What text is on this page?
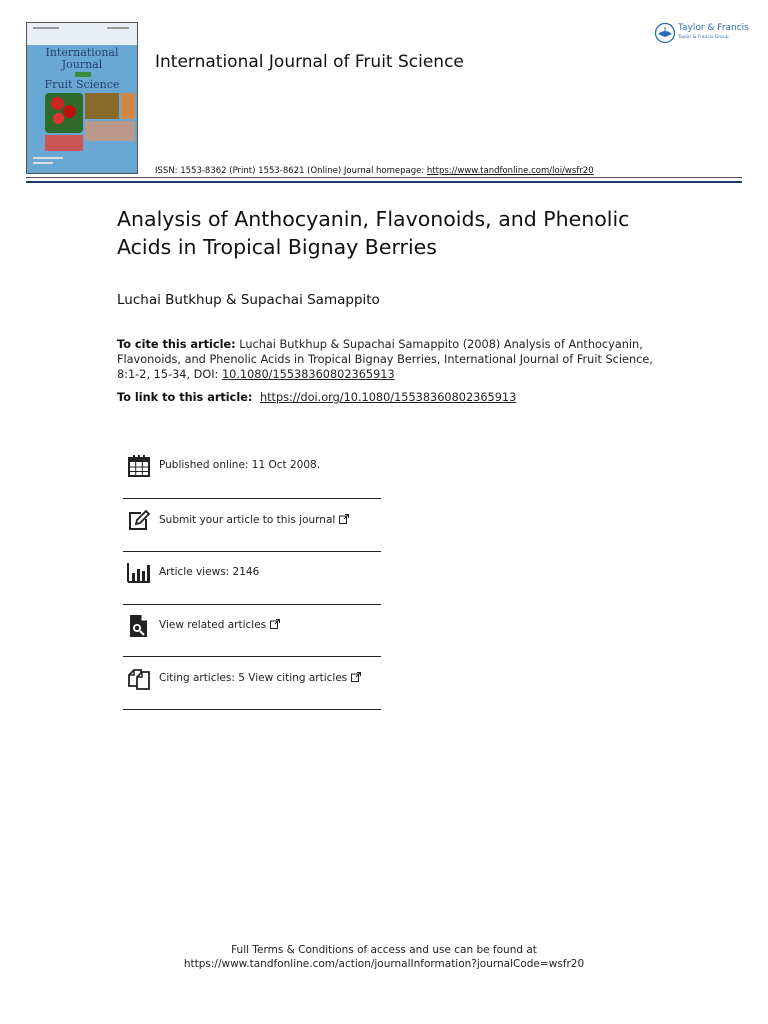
International
Journal
Fruit Science
International Journal of Fruit Science
Taylor & Francis
Taylor & Francis Group
ISSN: 1553-8362 (Print) 1553-8621 (Online) Journal homepage: https://www.tandfonline.com/loi/wsfr20
Analysis of Anthocyanin, Flavonoids, and Phenolic Acids in Tropical Bignay Berries
Luchai Butkhup & Supachai Samappito
To cite this article: Luchai Butkhup & Supachai Samappito (2008) Analysis of Anthocyanin, Flavonoids, and Phenolic Acids in Tropical Bignay Berries, International Journal of Fruit Science, 8:1-2, 15-34, DOI: 10.1080/15538360802365913
To link to this article:  https://doi.org/10.1080/15538360802365913
Published online: 11 Oct 2008.
Submit your article to this journal
Article views: 2146
View related articles
Citing articles: 5 View citing articles
Full Terms & Conditions of access and use can be found at
https://www.tandfonline.com/action/journalInformation?journalCode=wsfr20
